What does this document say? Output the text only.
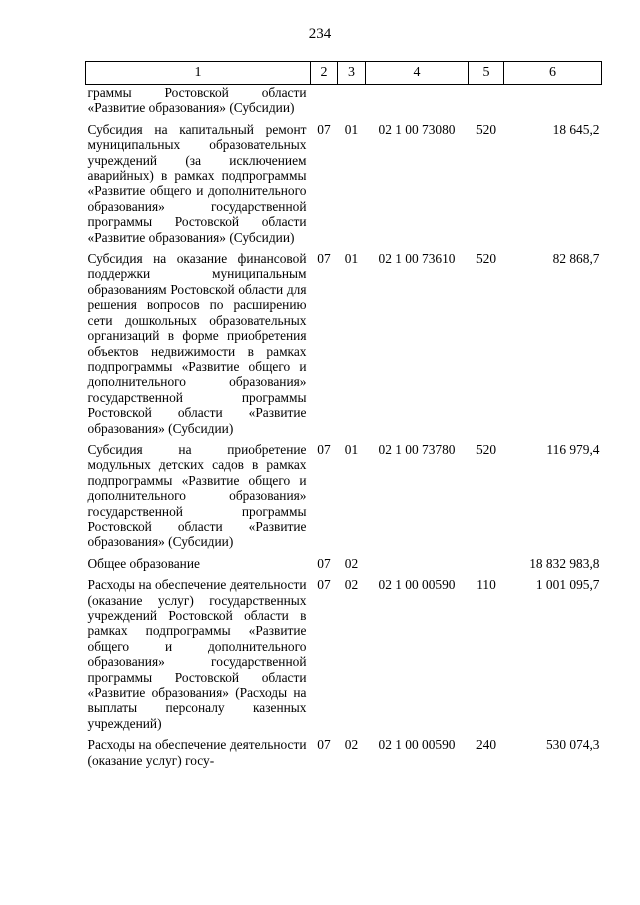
234
1	2	3	4	5	6
граммы Ростовской области «Развитие образования» (Субсидии)					
Субсидия на капитальный ремонт муниципальных образовательных учреждений (за исключением аварийных) в рамках подпрограммы «Развитие общего и дополнительного образования» государственной программы Ростовской области «Развитие образования» (Субсидии)	07	01	02 1 00 73080	520	18 645,2
Субсидия на оказание финансовой поддержки муниципальным образованиям Ростовской области для решения вопросов по расширению сети дошкольных образовательных организаций в форме приобретения объектов недвижимости в рамках подпрограммы «Развитие общего и дополнительного образования» государственной программы Ростовской области «Развитие образования» (Субсидии)	07	01	02 1 00 73610	520	82 868,7
Субсидия на приобретение модульных детских садов в рамках подпрограммы «Развитие общего и дополнительного образования» государственной программы Ростовской области «Развитие образования» (Субсидии)	07	01	02 1 00 73780	520	116 979,4
Общее образование	07	02			18 832 983,8
Расходы на обеспечение деятельности (оказание услуг) государственных учреждений Ростовской области в рамках подпрограммы «Развитие общего и дополнительного образования» государственной программы Ростовской области «Развитие образования» (Расходы на выплаты персоналу казенных учреждений)	07	02	02 1 00 00590	110	1 001 095,7
Расходы на обеспечение деятельности (оказание услуг) госу-	07	02	02 1 00 00590	240	530 074,3
